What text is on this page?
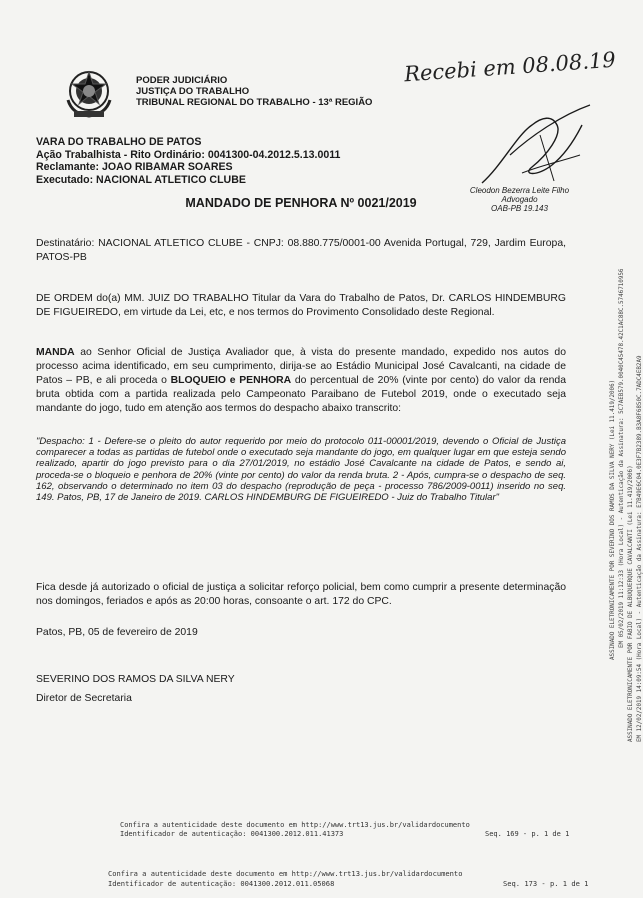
PODER JUDICIÁRIO
JUSTIÇA DO TRABALHO
TRIBUNAL REGIONAL DO TRABALHO - 13ª REGIÃO
Recebi em 08.08.19
Cleodon Bezerra Leite Filho
Advogado
OAB-PB 19.143
VARA DO TRABALHO DE PATOS
Ação Trabalhista - Rito Ordinário: 0041300-04.2012.5.13.0011
Reclamante: JOAO RIBAMAR SOARES
Executado: NACIONAL ATLETICO CLUBE
MANDADO DE PENHORA Nº 0021/2019
Destinatário: NACIONAL ATLETICO CLUBE - CNPJ: 08.880.775/0001-00 Avenida Portugal, 729, Jardim Europa, PATOS-PB
DE ORDEM do(a) MM. JUIZ DO TRABALHO Titular da Vara do Trabalho de Patos, Dr. CARLOS HINDEMBURG DE FIGUEIREDO, em virtude da Lei, etc, e nos termos do Provimento Consolidado deste Regional.
MANDA ao Senhor Oficial de Justiça Avaliador que, à vista do presente mandado, expedido nos autos do processo acima identificado, em seu cumprimento, dirija-se ao Estádio Municipal José Cavalcanti, na cidade de Patos – PB, e ali proceda o BLOQUEIO e PENHORA do percentual de 20% (vinte por cento) do valor da renda bruta obtida com a partida realizada pelo Campeonato Paraibano de Futebol 2019, onde o executado seja mandante do jogo, tudo em atenção aos termos do despacho abaixo transcrito:
"Despacho: 1 - Defere-se o pleito do autor requerido por meio do protocolo 011-00001/2019, devendo o Oficial de Justiça comparecer a todas as partidas de futebol onde o executado seja mandante do jogo, em qualquer lugar em que esteja sendo realizado, apartir do jogo previsto para o dia 27/01/2019, no estádio José Cavalcante na cidade de Patos, e sendo ai, proceda-se o bloqueio e penhora de 20% (vinte por cento) do valor da renda bruta. 2 - Após, cumpra-se o despacho de seq. 162, observando o determinado no item 03 do despacho (reprodução de peça - processo 786/2009-0011) inserido no seq. 149. Patos, PB, 17 de Janeiro de 2019. CARLOS HINDEMBURG DE FIGUEIREDO - Juiz do Trabalho Titular"
Fica desde já autorizado o oficial de justiça a solicitar reforço policial, bem como cumprir a presente determinação nos domingos, feriados e após as 20:00 horas, consoante o art. 172 do CPC.
Patos, PB, 05 de fevereiro de 2019
SEVERINO DOS RAMOS DA SILVA NERY
Diretor de Secretaria
Confira a autenticidade deste documento em http://www.trt13.jus.br/validardocumento
Identificador de autenticação: 0041300.2012.011.41373	Seq. 169 - p. 1 de 1
Confira a autenticidade deste documento em http://www.trt13.jus.br/validardocumento
Identificador de autenticação: 0041300.2012.011.05068	Seq. 173 - p. 1 de 1
ASSINADO ELETRONICAMENTE POR SEVERINO DOS RAMOS DA SILVA NERY (Lei 11.419/2006) EM 05/02/2019 11:12:33 (Hora Local) - Autenticação da Assinatura: 5C7AEB579.0040C45478.42C1AC88C.5746710956 ASSINADO ELETRONICAMENTE POR FABIO DE ALBUQUERQUE CAVALCANTI (Lei 11.419/2006) EM 12/02/2019 14:09:54 (Hora Local) - Autenticação da Assinatura: E7B49E6C04.0E3F7B2389.B3A8F6850C.7ADC4EB2A9
